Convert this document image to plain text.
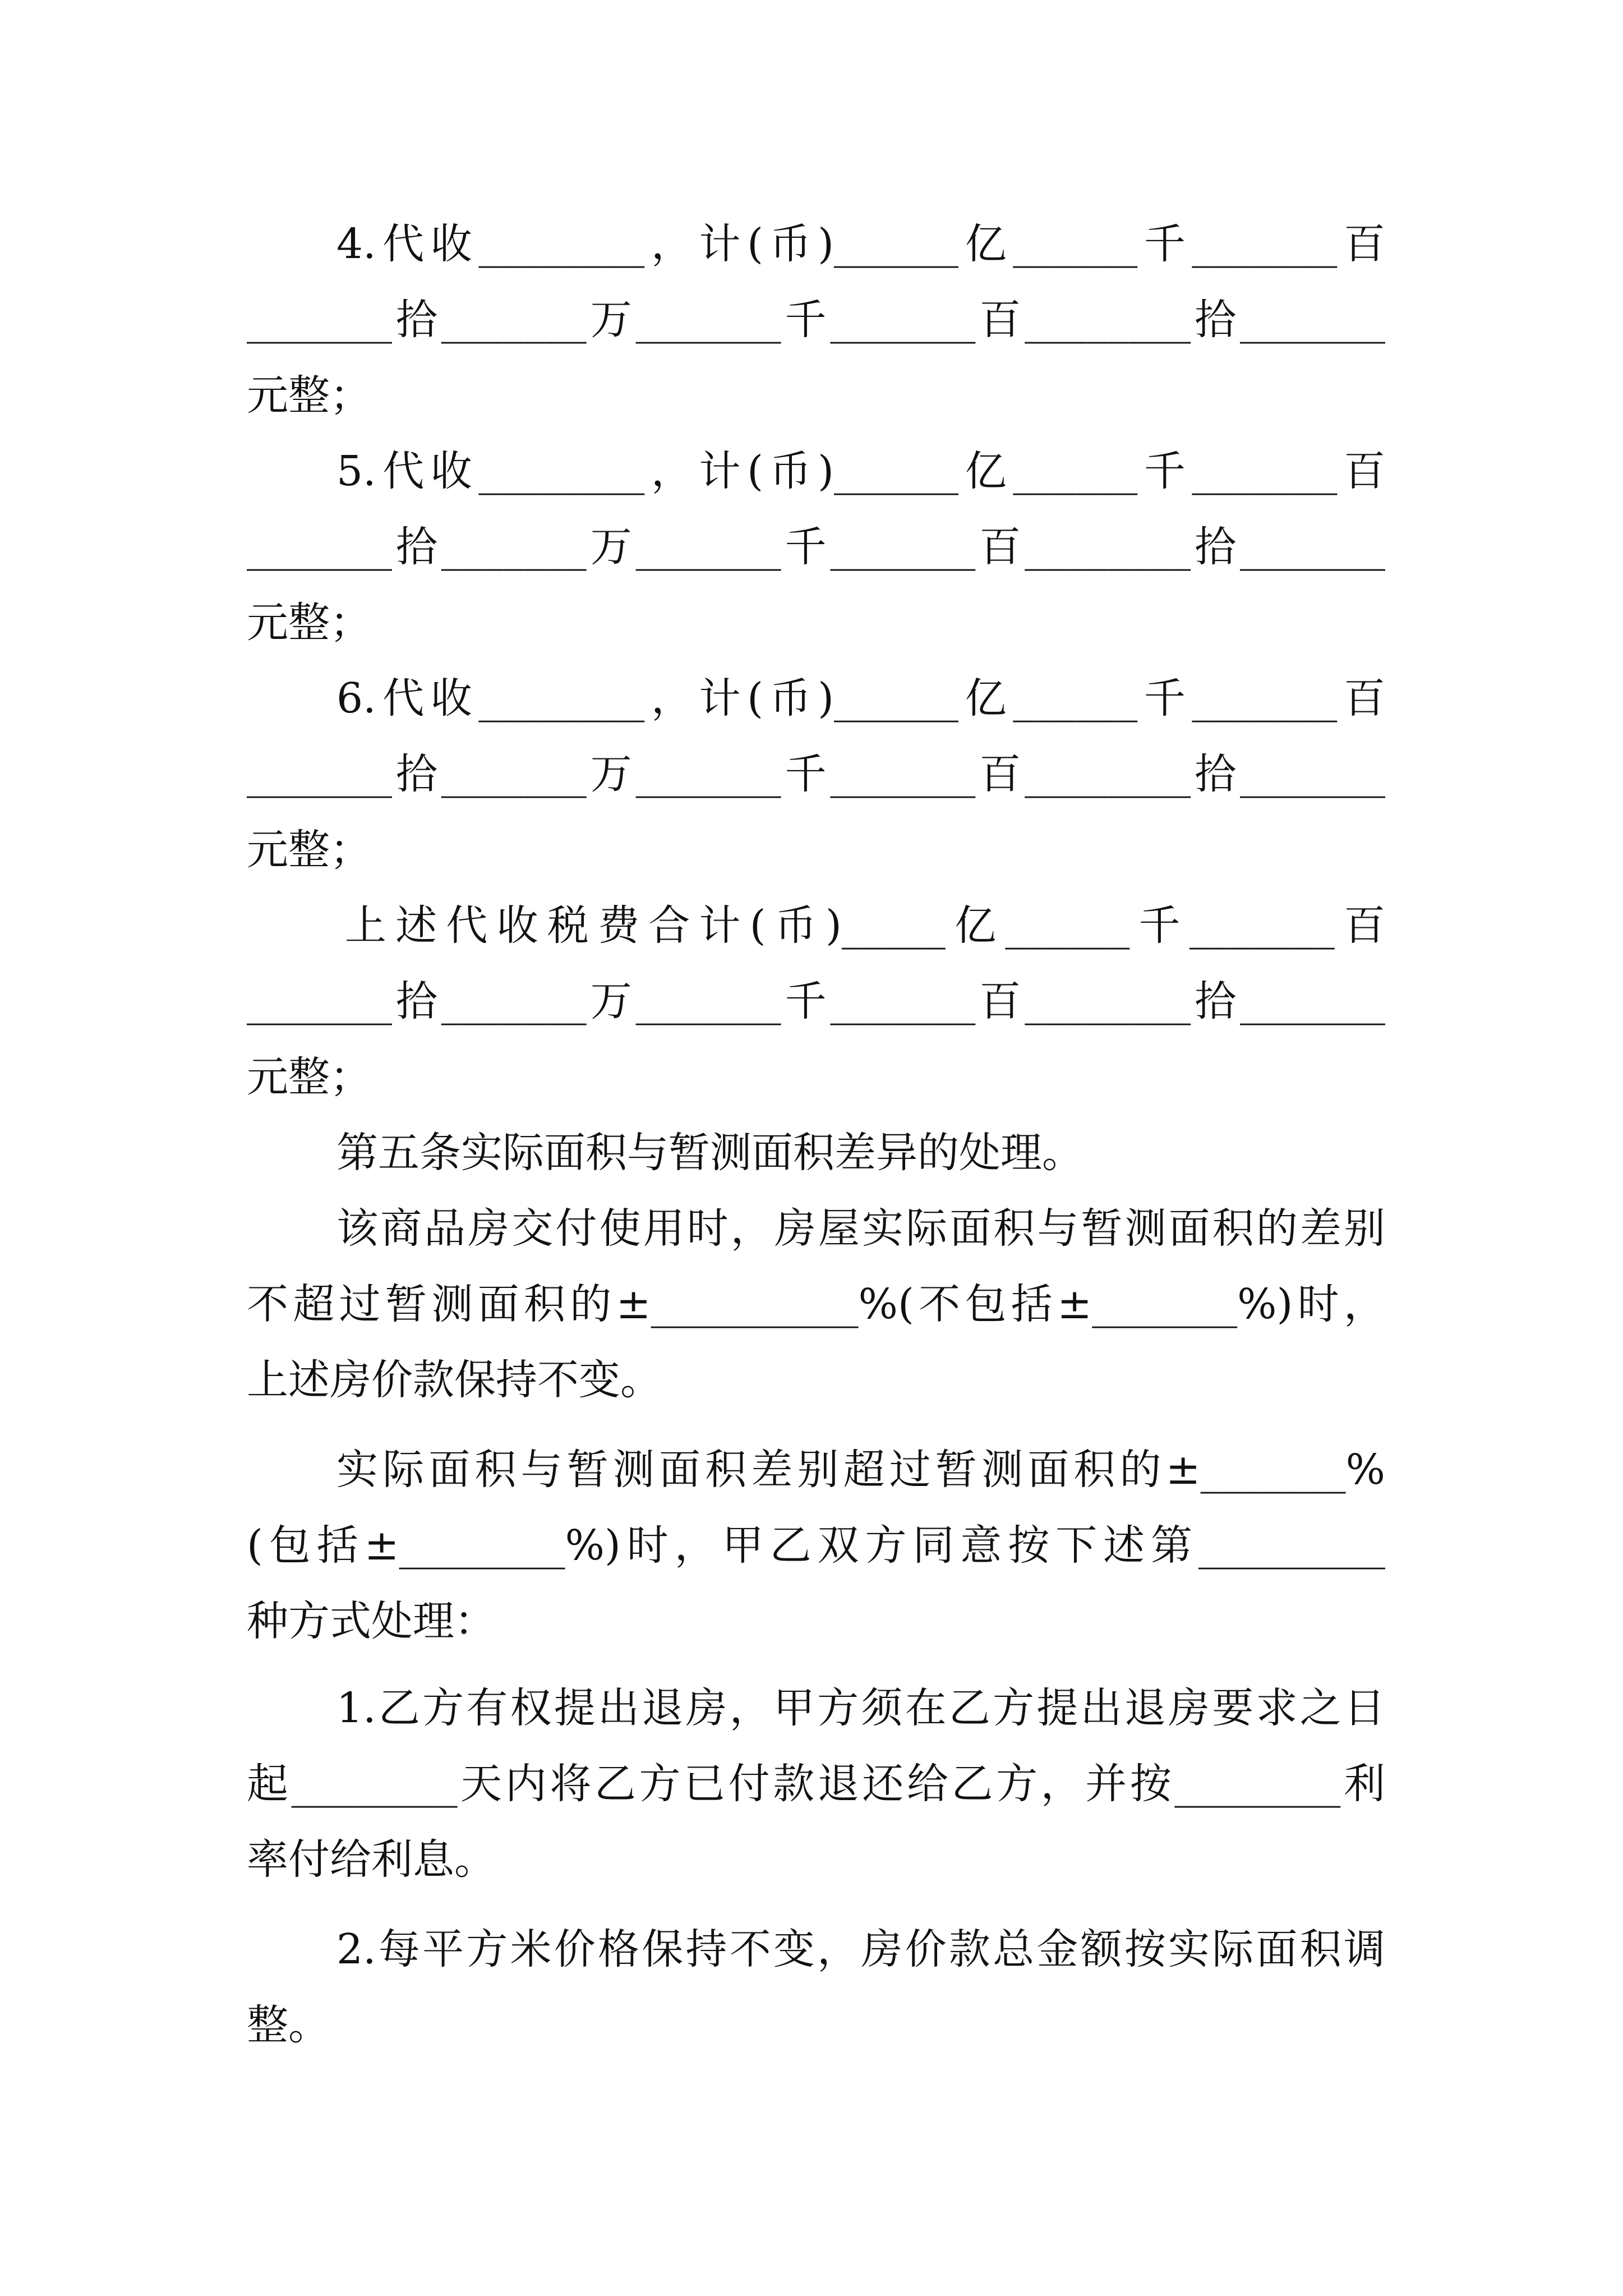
4.代收________，计(币)______亿______千_______百
_______拾_______万_______千_______百________拾_______
元整；
5.代收________，计(币)______亿______千_______百
_______拾_______万_______千_______百________拾_______
元整；
6.代收________，计(币)______亿______千_______百
_______拾_______万_______千_______百________拾_______
元整；
上述代收税费合计(币)_____亿______千_______百
_______拾_______万_______千_______百________拾_______
元整；
第五条实际面积与暂测面积差异的处理。
该商品房交付使用时，房屋实际面积与暂测面积的差别
不超过暂测面积的±__________%(不包括±_______%)时，
上述房价款保持不变。
实际面积与暂测面积差别超过暂测面积的±_______%
(包括±________%)时，甲乙双方同意按下述第_________
种方式处理：
1.乙方有权提出退房，甲方须在乙方提出退房要求之日
起________天内将乙方已付款退还给乙方，并按________利
率付给利息。
2.每平方米价格保持不变，房价款总金额按实际面积调
整。
